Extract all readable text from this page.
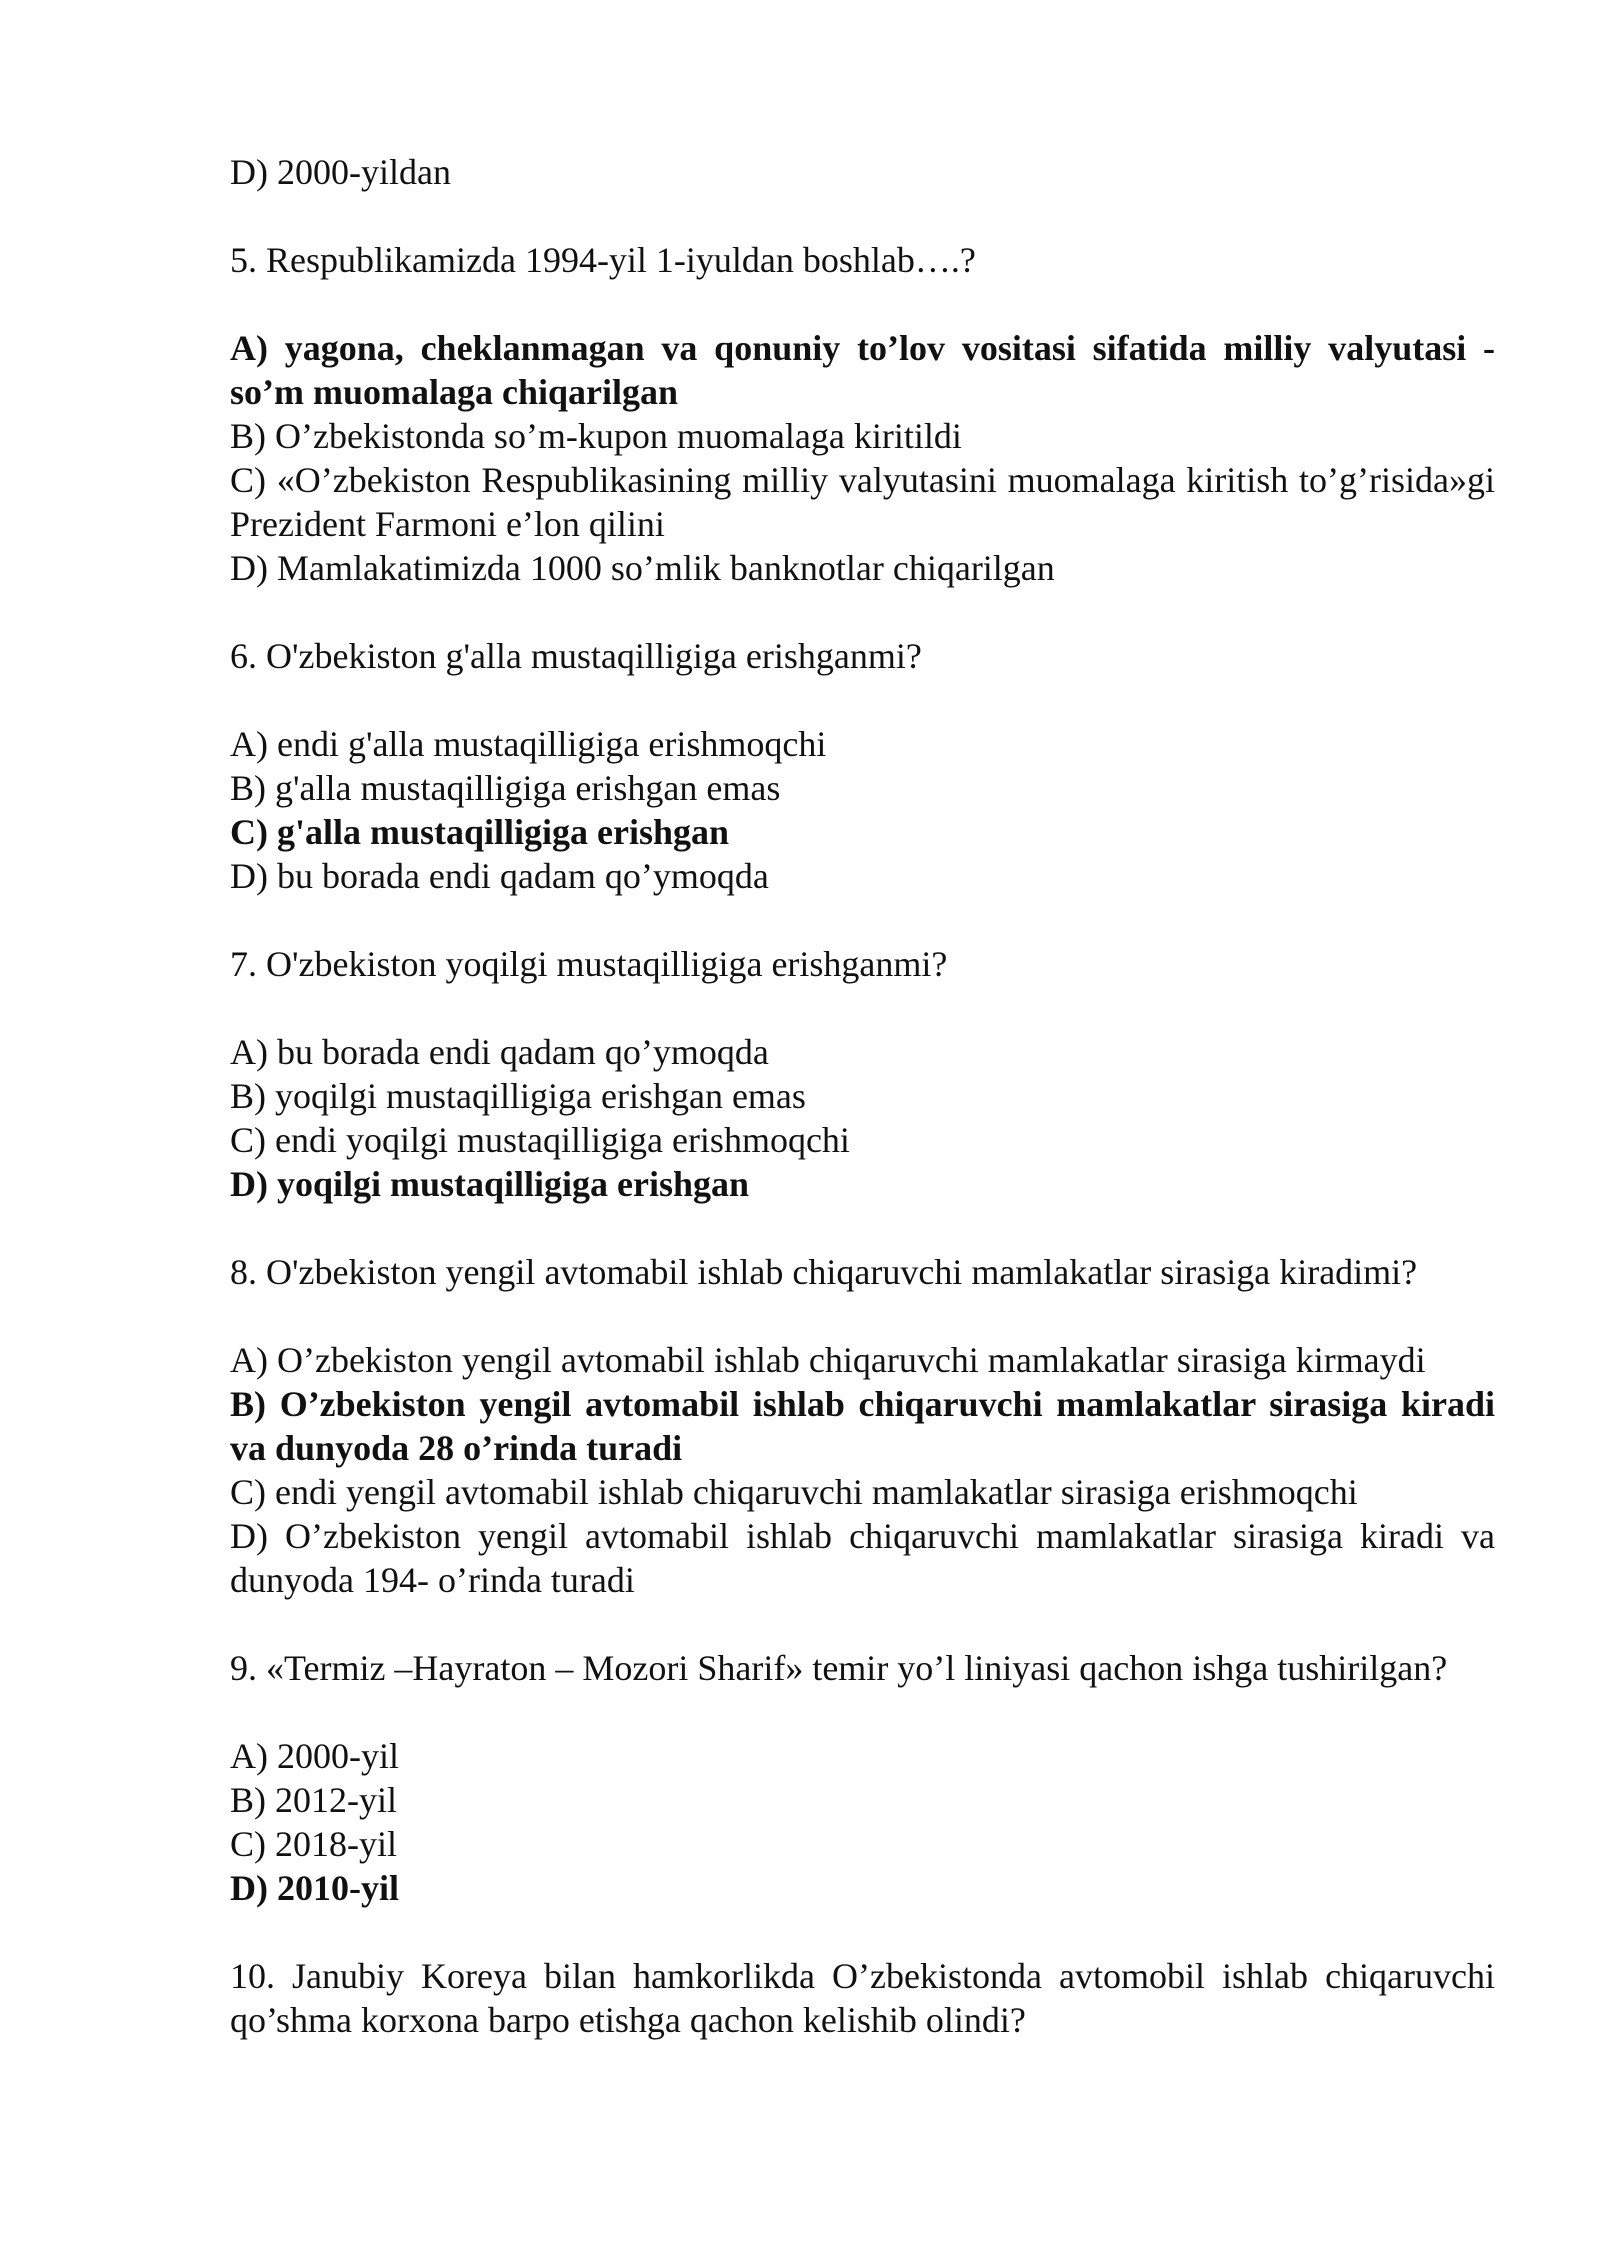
D) 2000-yildan

5. Respublikamizda 1994-yil 1-iyuldan boshlab….?

A) yagona, cheklanmagan va qonuniy to’lov vositasi sifatida milliy valyutasi - so’m muomalaga chiqarilgan

B) O’zbekistonda so’m-kupon muomalaga kiritildi

C) «O’zbekiston Respublikasining milliy valyutasini muomalaga kiritish to’g’risida»gi Prezident Farmoni e’lon qilini

D) Mamlakatimizda 1000 so’mlik banknotlar chiqarilgan

6. O'zbekiston g'alla mustaqilligiga erishganmi?

A) endi g'alla mustaqilligiga erishmoqchi

B) g'alla mustaqilligiga erishgan emas

C) g'alla mustaqilligiga erishgan

D) bu borada endi qadam qo’ymoqda

7. O'zbekiston yoqilgi mustaqilligiga erishganmi?

A) bu borada endi qadam qo’ymoqda

B) yoqilgi mustaqilligiga erishgan emas

C) endi yoqilgi mustaqilligiga erishmoqchi

D) yoqilgi mustaqilligiga erishgan

8. O'zbekiston yengil avtomabil ishlab chiqaruvchi mamlakatlar sirasiga kiradimi?

A) O’zbekiston yengil avtomabil ishlab chiqaruvchi mamlakatlar sirasiga kirmaydi

B) O’zbekiston yengil avtomabil ishlab chiqaruvchi mamlakatlar sirasiga kiradi va dunyoda 28 o’rinda turadi

C) endi yengil avtomabil ishlab chiqaruvchi mamlakatlar sirasiga erishmoqchi

D) O’zbekiston yengil avtomabil ishlab chiqaruvchi mamlakatlar sirasiga kiradi va dunyoda 194- o’rinda turadi

9. «Termiz –Hayraton – Mozori Sharif» temir yo’l liniyasi qachon ishga tushirilgan?

A) 2000-yil

B) 2012-yil

C) 2018-yil

D) 2010-yil

10. Janubiy Koreya bilan hamkorlikda O’zbekistonda avtomobil ishlab chiqaruvchi qo’shma korxona barpo etishga qachon kelishib olindi?
